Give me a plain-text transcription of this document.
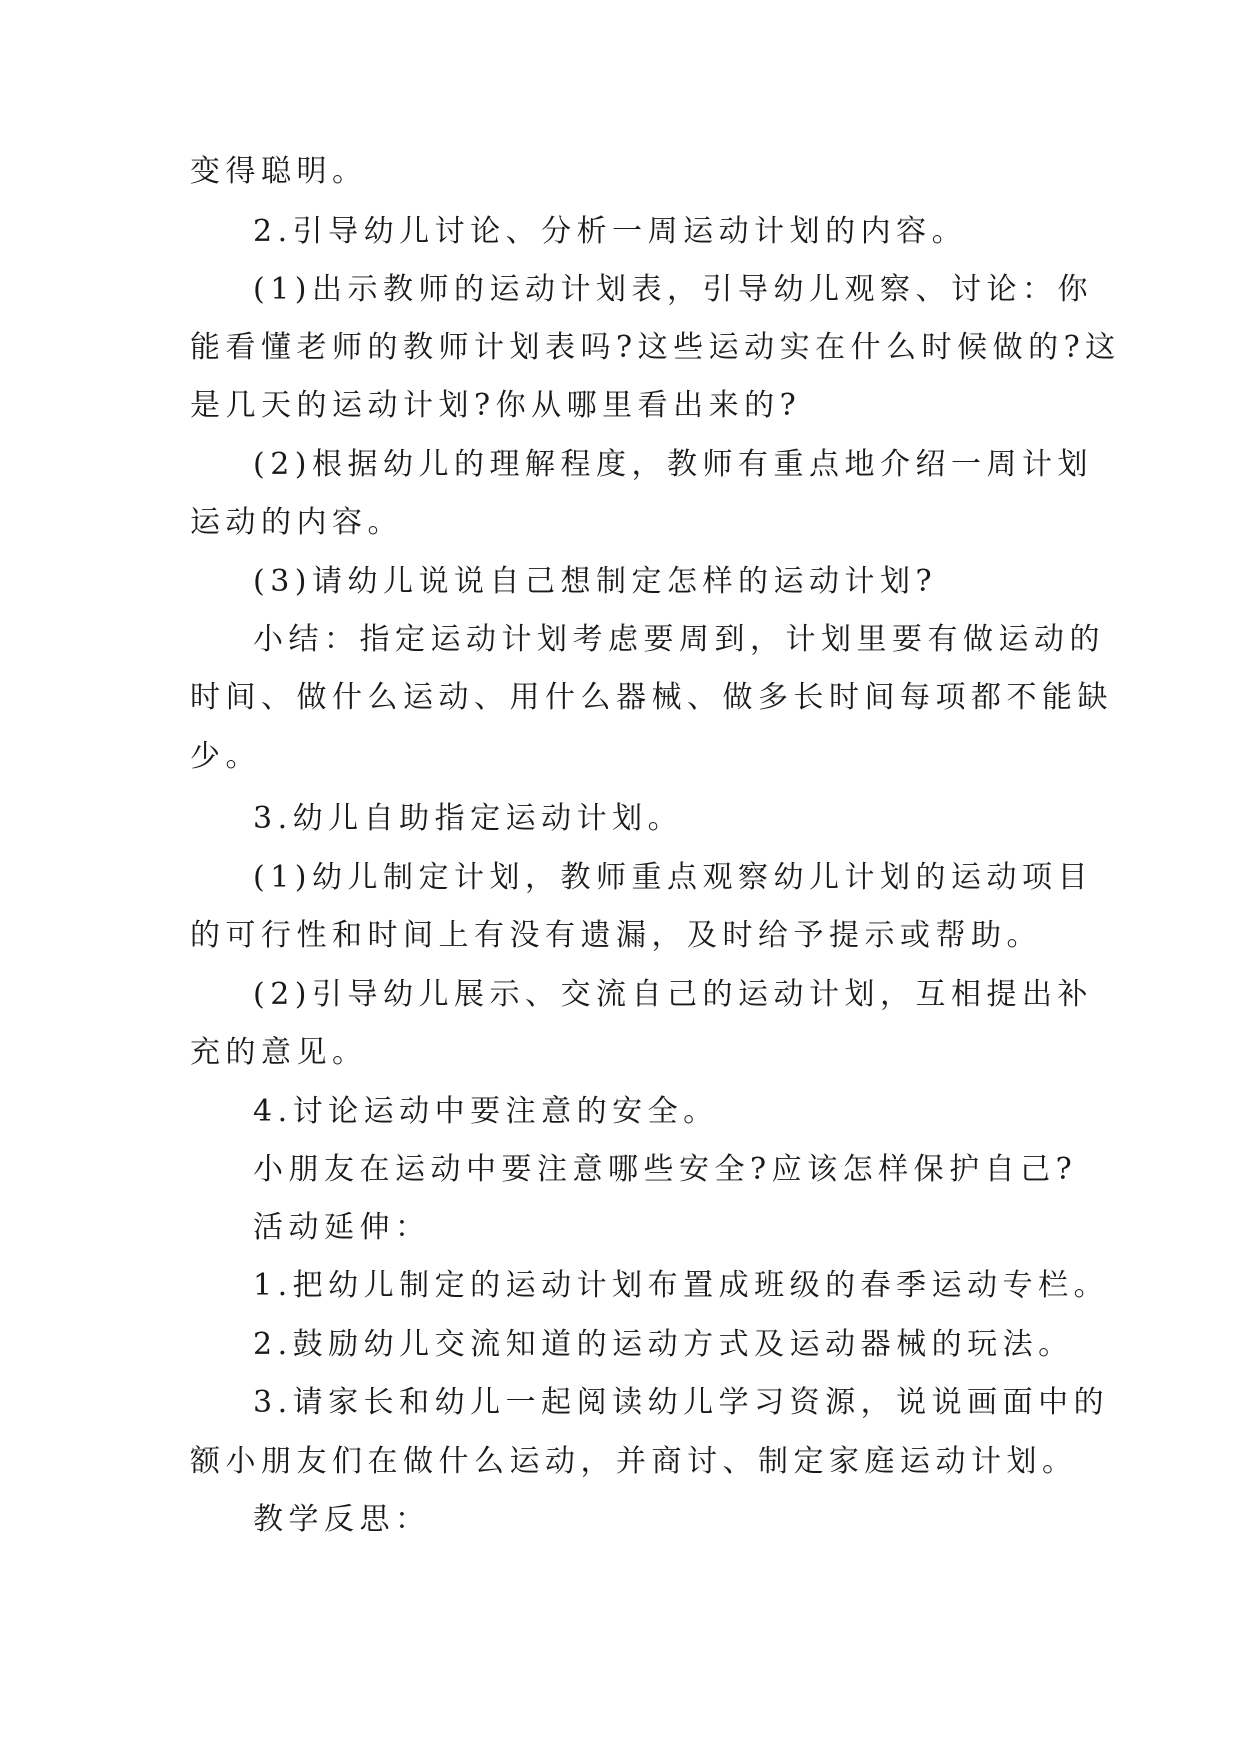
变得聪明。

2.引导幼儿讨论、分析一周运动计划的内容。

(1)出示教师的运动计划表，引导幼儿观察、讨论：你

能看懂老师的教师计划表吗?这些运动实在什么时候做的?这

是几天的运动计划?你从哪里看出来的?

(2)根据幼儿的理解程度，教师有重点地介绍一周计划

运动的内容。

(3)请幼儿说说自己想制定怎样的运动计划?

小结：指定运动计划考虑要周到，计划里要有做运动的

时间、做什么运动、用什么器械、做多长时间每项都不能缺

少。

3.幼儿自助指定运动计划。

(1)幼儿制定计划，教师重点观察幼儿计划的运动项目

的可行性和时间上有没有遗漏，及时给予提示或帮助。

(2)引导幼儿展示、交流自己的运动计划，互相提出补

充的意见。

4.讨论运动中要注意的安全。

小朋友在运动中要注意哪些安全?应该怎样保护自己?

活动延伸：

1.把幼儿制定的运动计划布置成班级的春季运动专栏。

2.鼓励幼儿交流知道的运动方式及运动器械的玩法。

3.请家长和幼儿一起阅读幼儿学习资源，说说画面中的

额小朋友们在做什么运动，并商讨、制定家庭运动计划。

教学反思：
